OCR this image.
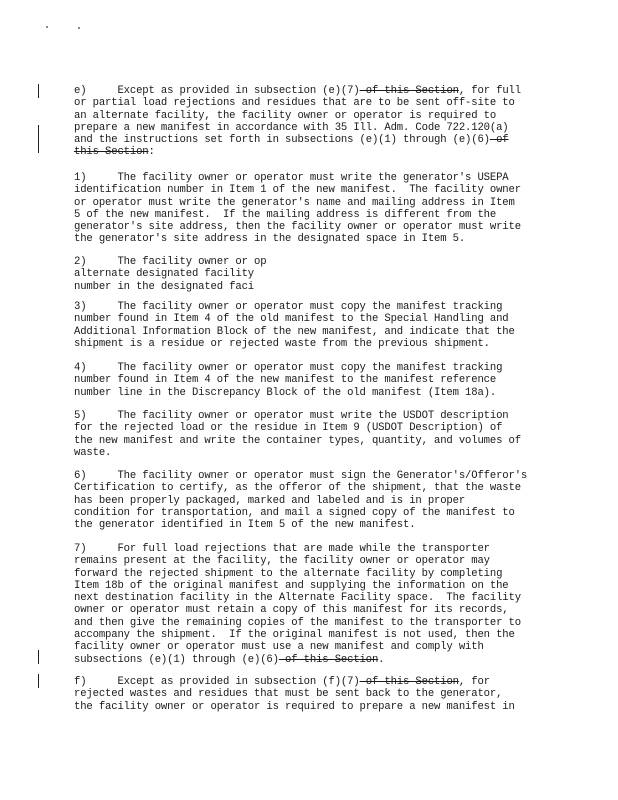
e)     Except as provided in subsection (e)(7) of this Section, for full
or partial load rejections and residues that are to be sent off-site to
an alternate facility, the facility owner or operator is required to
prepare a new manifest in accordance with 35 Ill. Adm. Code 722.120(a)
and the instructions set forth in subsections (e)(1) through (e)(6) of
this Section:

1)     The facility owner or operator must write the generator's USEPA
identification number in Item 1 of the new manifest.  The facility owner
or operator must write the generator's name and mailing address in Item
5 of the new manifest.  If the mailing address is different from the
generator's site address, then the facility owner or operator must write
the generator's site address in the designated space in Item 5.

2)     The facility owner or op
alternate designated facility
number in the designated faci

3)     The facility owner or operator must copy the manifest tracking
number found in Item 4 of the old manifest to the Special Handling and
Additional Information Block of the new manifest, and indicate that the
shipment is a residue or rejected waste from the previous shipment.

4)     The facility owner or operator must copy the manifest tracking
number found in Item 4 of the new manifest to the manifest reference
number line in the Discrepancy Block of the old manifest (Item 18a).

5)     The facility owner or operator must write the USDOT description
for the rejected load or the residue in Item 9 (USDOT Description) of
the new manifest and write the container types, quantity, and volumes of
waste.

6)     The facility owner or operator must sign the Generator's/Offeror's
Certification to certify, as the offeror of the shipment, that the waste
has been properly packaged, marked and labeled and is in proper
condition for transportation, and mail a signed copy of the manifest to
the generator identified in Item 5 of the new manifest.

7)     For full load rejections that are made while the transporter
remains present at the facility, the facility owner or operator may
forward the rejected shipment to the alternate facility by completing
Item 18b of the original manifest and supplying the information on the
next destination facility in the Alternate Facility space.  The facility
owner or operator must retain a copy of this manifest for its records,
and then give the remaining copies of the manifest to the transporter to
accompany the shipment.  If the original manifest is not used, then the
facility owner or operator must use a new manifest and comply with
subsections (e)(1) through (e)(6) of this Section.

f)     Except as provided in subsection (f)(7) of this Section, for
rejected wastes and residues that must be sent back to the generator,
the facility owner or operator is required to prepare a new manifest in
